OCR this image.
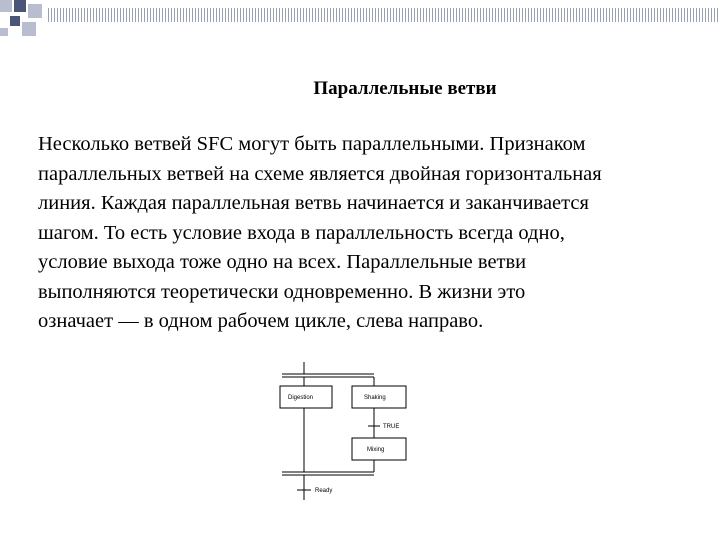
Параллельные ветви
Несколько ветвей SFC могут быть параллельными. Признаком
параллельных ветвей на схеме является двойная горизонтальная
линия. Каждая параллельная ветвь начинается и заканчивается
шагом. То есть условие входа в параллельность всегда одно,
условие выхода тоже одно на всех. Параллельные ветви
выполняются теоретически одновременно. В жизни это
означает — в одном рабочем цикле, слева направо.
Digestion	Shaking
Mixing
TRUE
Ready
